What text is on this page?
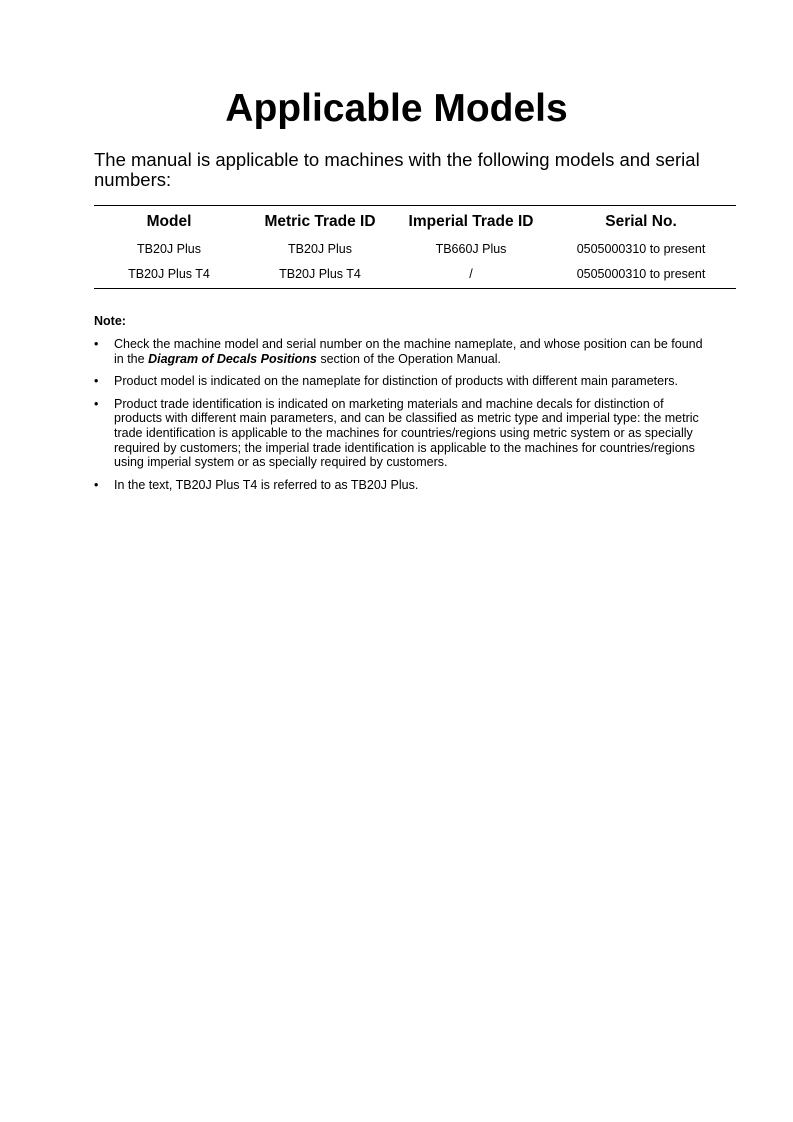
Applicable Models

The manual is applicable to machines with the following models and serial numbers:

Model	Metric Trade ID	Imperial Trade ID	Serial No.
TB20J Plus	TB20J Plus	TB660J Plus	0505000310 to present
TB20J Plus T4	TB20J Plus T4	/	0505000310 to present

Note:

• Check the machine model and serial number on the machine nameplate, and whose position can be found in the Diagram of Decals Positions section of the Operation Manual.
• Product model is indicated on the nameplate for distinction of products with different main parameters.
• Product trade identification is indicated on marketing materials and machine decals for distinction of products with different main parameters, and can be classified as metric type and imperial type: the metric trade identification is applicable to the machines for countries/regions using metric system or as specially required by customers; the imperial trade identification is applicable to the machines for countries/regions using imperial system or as specially required by customers.
• In the text, TB20J Plus T4 is referred to as TB20J Plus.
